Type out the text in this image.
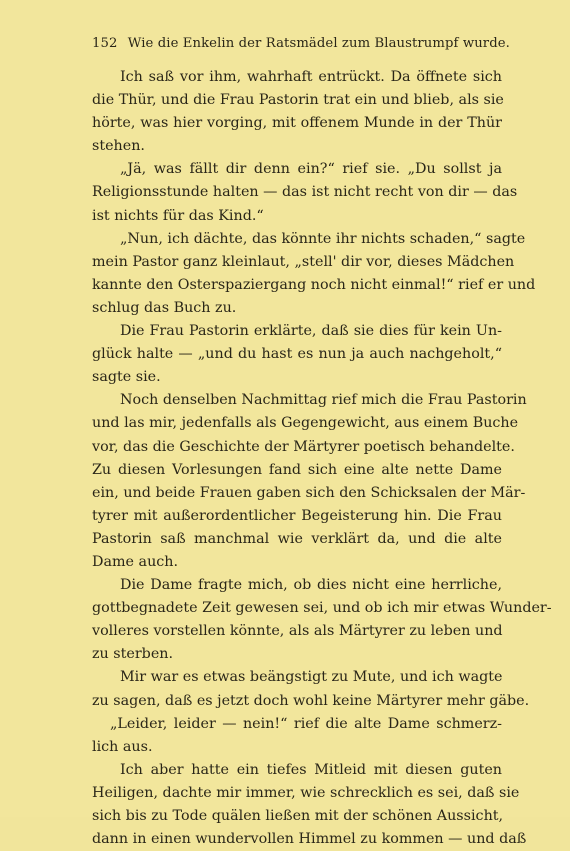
152 Wie die Enkelin der Ratsmädel zum Blaustrumpf wurde.
Ich saß vor ihm, wahrhaft entrückt. Da öffnete sich
die Thür, und die Frau Pastorin trat ein und blieb, als sie
hörte, was hier vorging, mit offenem Munde in der Thür
stehen.
„Jä, was fällt dir denn ein?“ rief sie. „Du sollst ja
Religionsstunde halten — das ist nicht recht von dir — das
ist nichts für das Kind.“
„Nun, ich dächte, das könnte ihr nichts schaden,“ sagte
mein Pastor ganz kleinlaut, „stell' dir vor, dieses Mädchen
kannte den Osterspaziergang noch nicht einmal!“ rief er und
schlug das Buch zu.
Die Frau Pastorin erklärte, daß sie dies für kein Un-
glück halte — „und du hast es nun ja auch nachgeholt,“
sagte sie.
Noch denselben Nachmittag rief mich die Frau Pastorin
und las mir, jedenfalls als Gegengewicht, aus einem Buche
vor, das die Geschichte der Märtyrer poetisch behandelte.
Zu diesen Vorlesungen fand sich eine alte nette Dame
ein, und beide Frauen gaben sich den Schicksalen der Mär-
tyrer mit außerordentlicher Begeisterung hin. Die Frau
Pastorin saß manchmal wie verklärt da, und die alte
Dame auch.
Die Dame fragte mich, ob dies nicht eine herrliche,
gottbegnadete Zeit gewesen sei, und ob ich mir etwas Wunder-
volleres vorstellen könnte, als als Märtyrer zu leben und
zu sterben.
Mir war es etwas beängstigt zu Mute, und ich wagte
zu sagen, daß es jetzt doch wohl keine Märtyrer mehr gäbe.
„Leider, leider — nein!“ rief die alte Dame schmerz-
lich aus.
Ich aber hatte ein tiefes Mitleid mit diesen guten
Heiligen, dachte mir immer, wie schrecklich es sei, daß sie
sich bis zu Tode quälen ließen mit der schönen Aussicht,
dann in einen wundervollen Himmel zu kommen — und daß
